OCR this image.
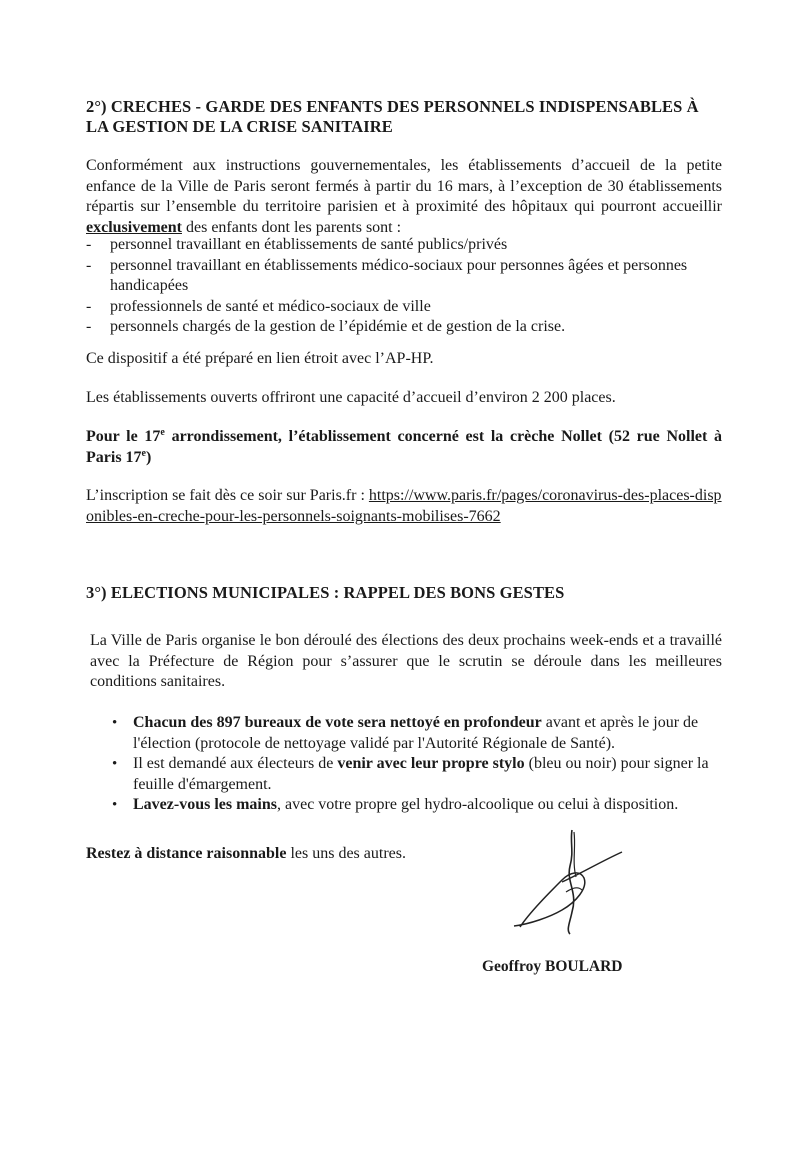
2°) CRECHES - GARDE DES ENFANTS DES PERSONNELS INDISPENSABLES À LA GESTION DE LA CRISE SANITAIRE
Conformément aux instructions gouvernementales, les établissements d’accueil de la petite enfance de la Ville de Paris seront fermés à partir du 16 mars, à l’exception de 30 établissements répartis sur l’ensemble du territoire parisien et à proximité des hôpitaux qui pourront accueillir exclusivement des enfants dont les parents sont :
- personnel travaillant en établissements de santé publics/privés
- personnel travaillant en établissements médico-sociaux pour personnes âgées et personnes handicapées
- professionnels de santé et médico-sociaux de ville
- personnels chargés de la gestion de l’épidémie et de gestion de la crise.
Ce dispositif a été préparé en lien étroit avec l’AP-HP.
Les établissements ouverts offriront une capacité d’accueil d’environ 2 200 places.
Pour le 17e arrondissement, l’établissement concerné est la crèche Nollet (52 rue Nollet à Paris 17e)
L’inscription se fait dès ce soir sur Paris.fr : https://www.paris.fr/pages/coronavirus-des-places-disponibles-en-creche-pour-les-personnels-soignants-mobilises-7662
3°) ELECTIONS MUNICIPALES : RAPPEL DES BONS GESTES
La Ville de Paris organise le bon déroulé des élections des deux prochains week-ends et a travaillé avec la Préfecture de Région pour s’assurer que le scrutin se déroule dans les meilleures conditions sanitaires.
• Chacun des 897 bureaux de vote sera nettoyé en profondeur avant et après le jour de l'élection (protocole de nettoyage validé par l'Autorité Régionale de Santé).
• Il est demandé aux électeurs de venir avec leur propre stylo (bleu ou noir) pour signer la feuille d'émargement.
• Lavez-vous les mains, avec votre propre gel hydro-alcoolique ou celui à disposition.
Restez à distance raisonnable les uns des autres.
Geoffroy BOULARD
